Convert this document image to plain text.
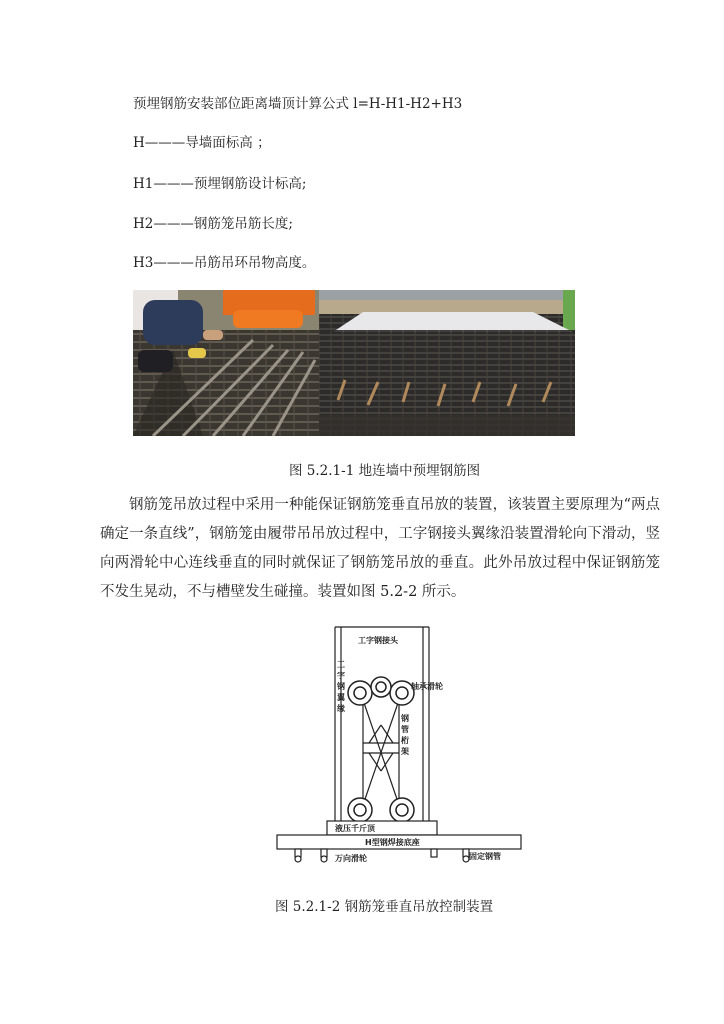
预埋钢筋安装部位距离墙顶计算公式 l=H-H1-H2+H3
H———导墙面标高 ；
H1———预埋钢筋设计标高;
H2———钢筋笼吊筋长度;
H3———吊筋吊环吊物高度。
图 5.2.1-1 地连墙中预埋钢筋图
钢筋笼吊放过程中采用一种能保证钢筋笼垂直吊放的装置，该装置主要原理为“两点确定一条直线”，钢筋笼由履带吊吊放过程中，工字钢接头翼缘沿装置滑轮向下滑动，竖向两滑轮中心连线垂直的同时就保证了钢筋笼吊放的垂直。此外吊放过程中保证钢筋笼不发生晃动，不与槽壁发生碰撞。装置如图 5.2-2 所示。
工字钢接头
轴承滑轮
液压千斤顶
H型钢焊接底座
万向滑轮	固定钢管
工字钢翼缘
钢管桁架
图 5.2.1-2 钢筋笼垂直吊放控制装置
